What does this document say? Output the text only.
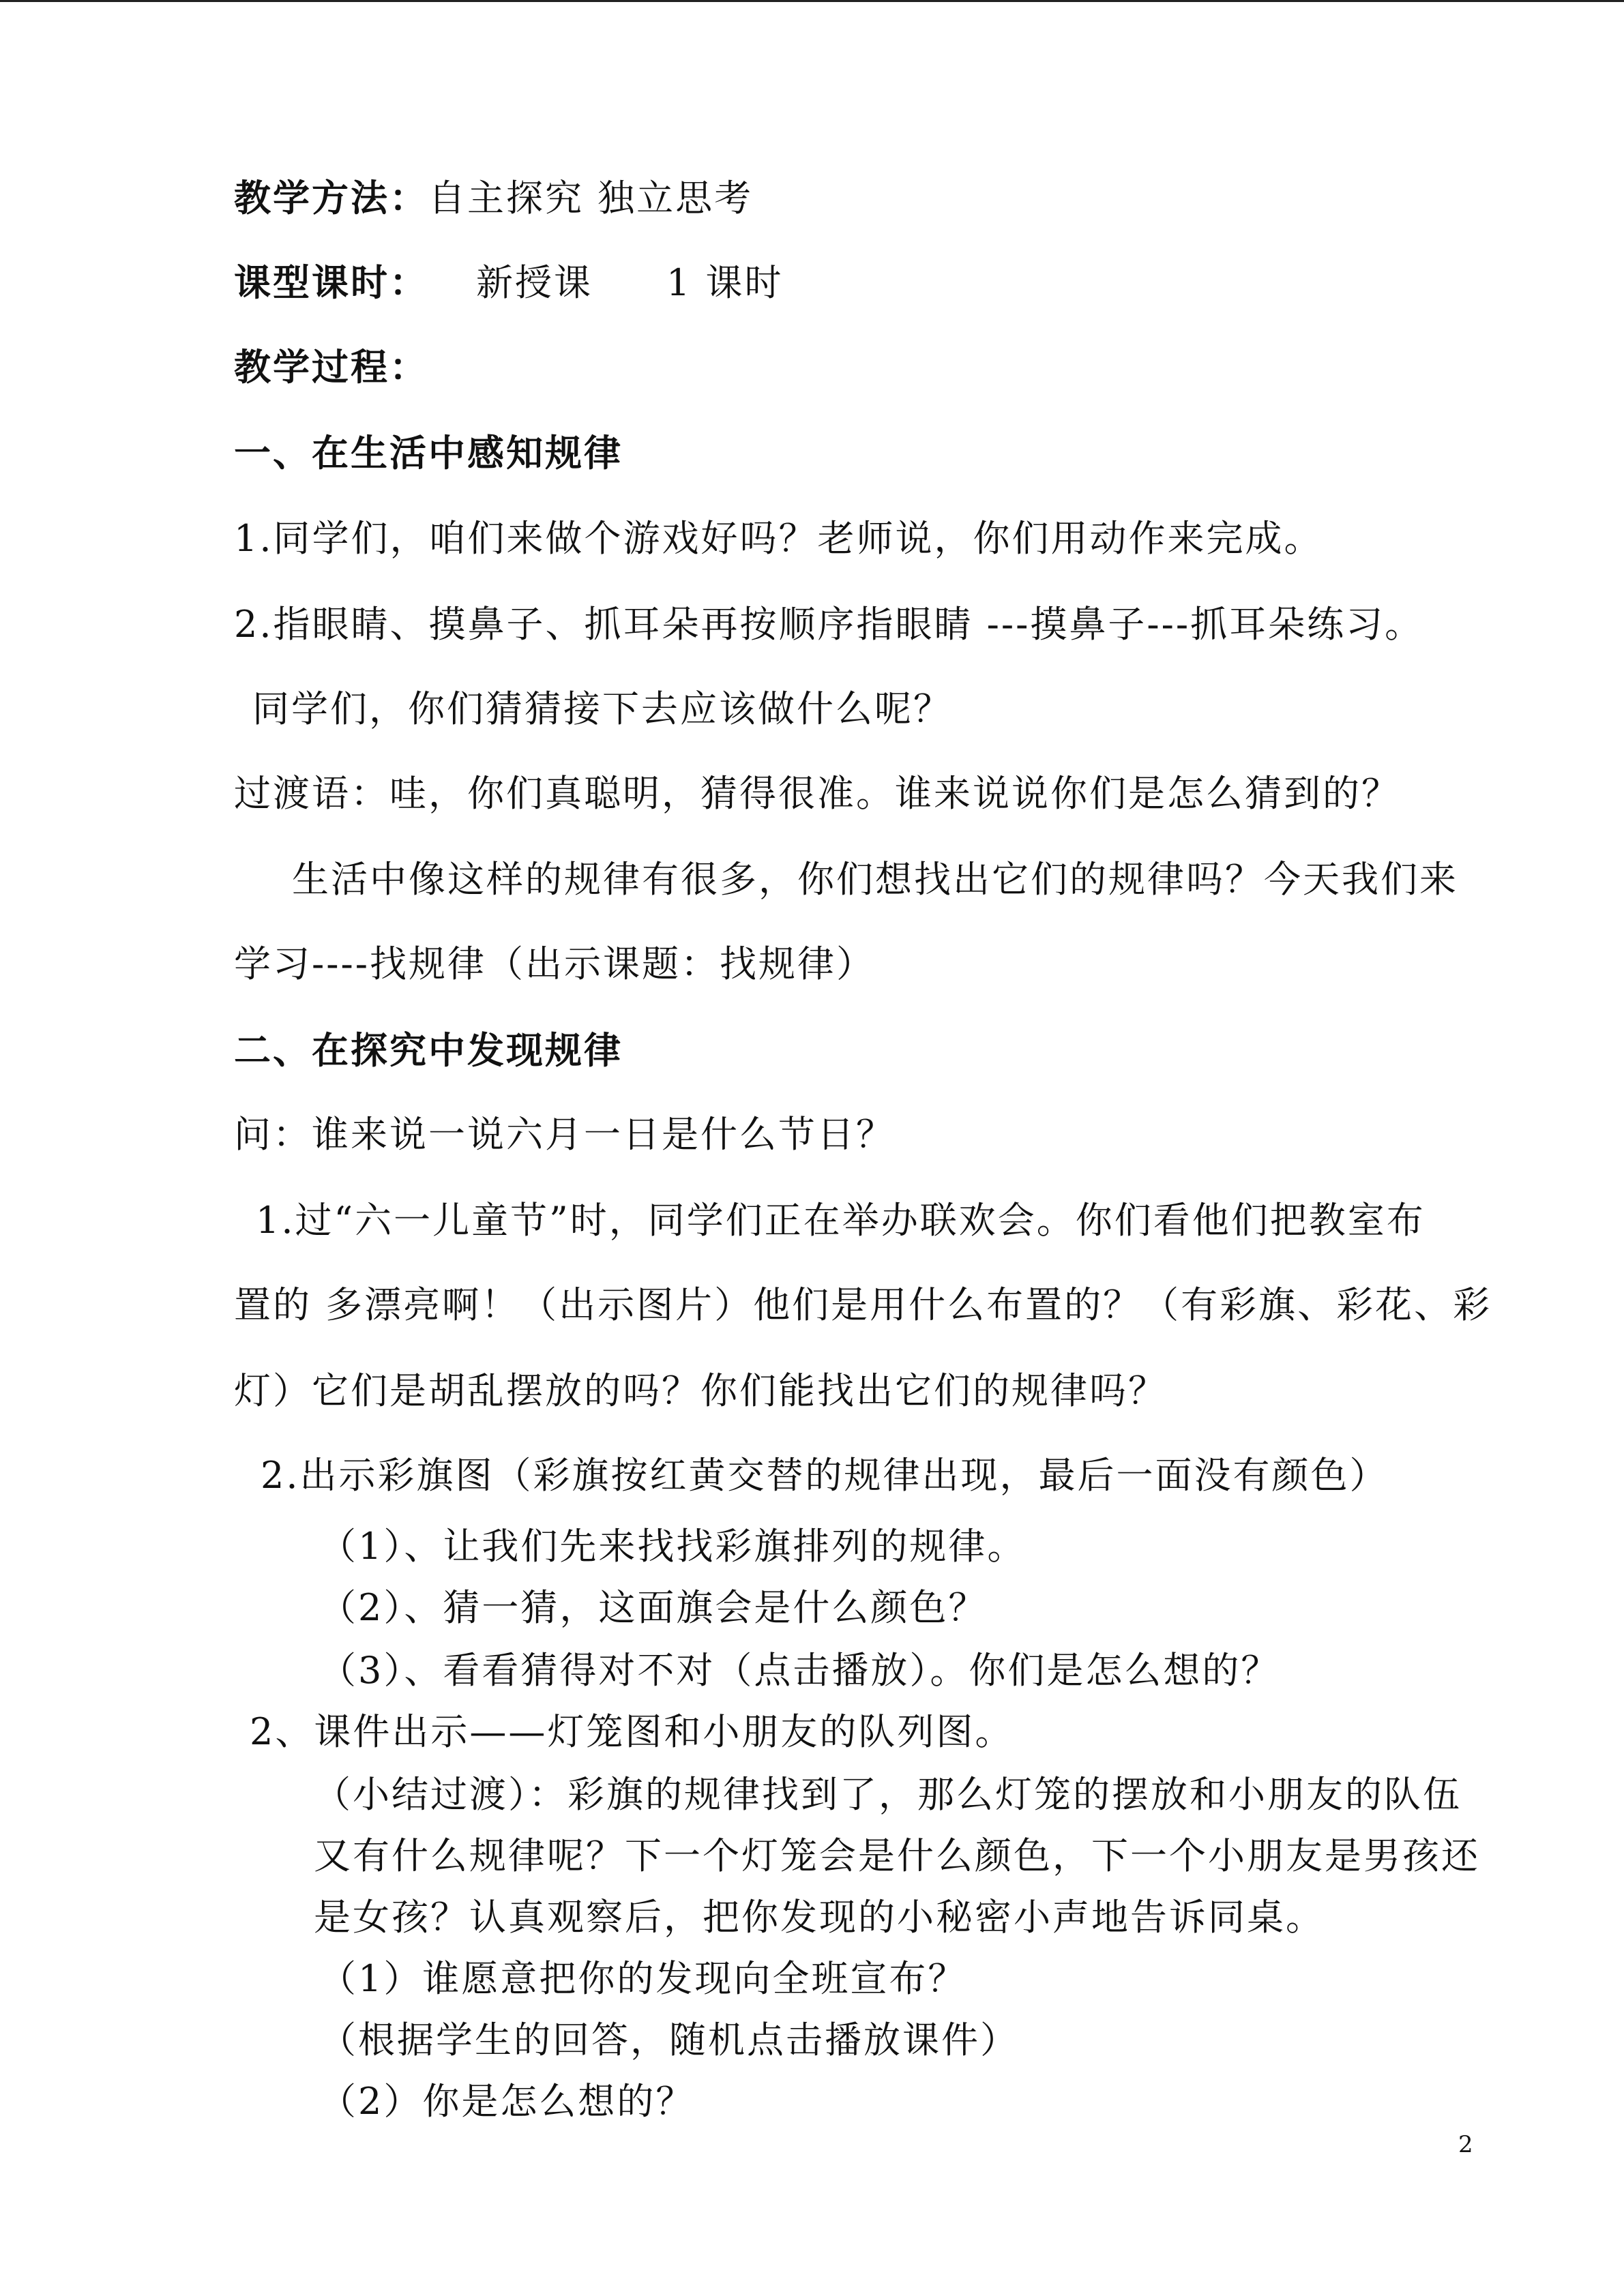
教学方法：自主探究 独立思考
课型课时： 新授课 1 课时
教学过程：
一、在生活中感知规律
1.同学们，咱们来做个游戏好吗？老师说，你们用动作来完成。
2.指眼睛、摸鼻子、抓耳朵再按顺序指眼睛 ---摸鼻子---抓耳朵练习。
同学们，你们猜猜接下去应该做什么呢？
过渡语：哇，你们真聪明，猜得很准。谁来说说你们是怎么猜到的？
生活中像这样的规律有很多，你们想找出它们的规律吗？今天我们来
学习----找规律（出示课题：找规律）
二、在探究中发现规律
问：谁来说一说六月一日是什么节日？
1.过“六一儿童节”时，同学们正在举办联欢会。你们看他们把教室布
置的 多漂亮啊！（出示图片）他们是用什么布置的？（有彩旗、彩花、彩
灯）它们是胡乱摆放的吗？你们能找出它们的规律吗？
2.出示彩旗图（彩旗按红黄交替的规律出现，最后一面没有颜色）
（1）、让我们先来找找彩旗排列的规律。
（2）、猜一猜，这面旗会是什么颜色？
（3）、看看猜得对不对（点击播放）。你们是怎么想的？
2、课件出示——灯笼图和小朋友的队列图。
（小结过渡）：彩旗的规律找到了，那么灯笼的摆放和小朋友的队伍
又有什么规律呢？下一个灯笼会是什么颜色，下一个小朋友是男孩还
是女孩？认真观察后，把你发现的小秘密小声地告诉同桌。
（1）谁愿意把你的发现向全班宣布？
（根据学生的回答，随机点击播放课件）
（2）你是怎么想的？
2
